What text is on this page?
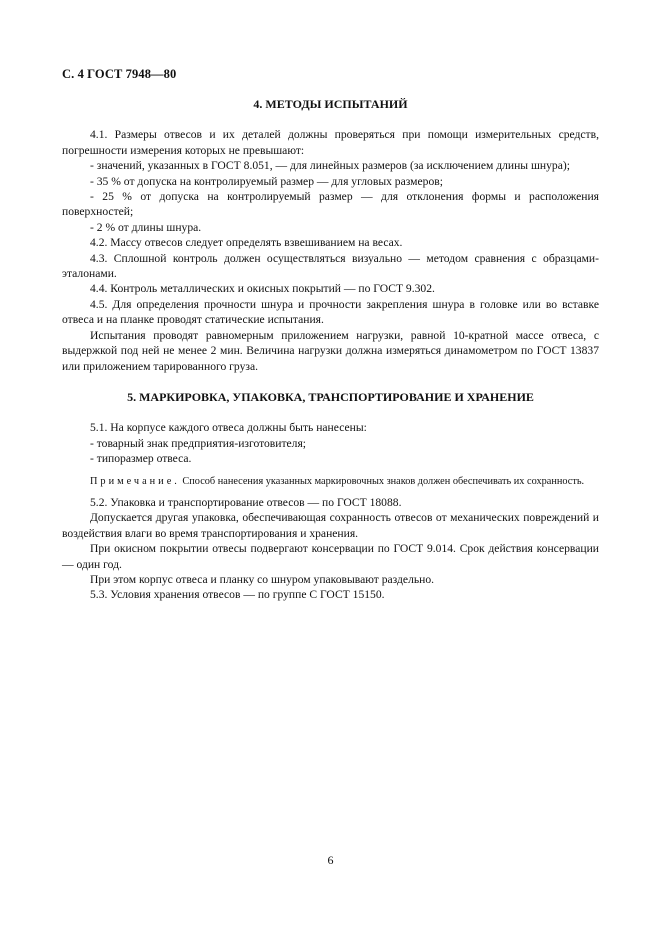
С. 4 ГОСТ 7948—80
4. МЕТОДЫ ИСПЫТАНИЙ

4.1. Размеры отвесов и их деталей должны проверяться при помощи измерительных средств, погрешности измерения которых не превышают:

- значений, указанных в ГОСТ 8.051, — для линейных размеров (за исключением длины шнура);

- 35 % от допуска на контролируемый размер — для угловых размеров;

- 25 % от допуска на контролируемый размер — для отклонения формы и расположения поверхностей;

- 2 % от длины шнура.

4.2. Массу отвесов следует определять взвешиванием на весах.

4.3. Сплошной контроль должен осуществляться визуально — методом сравнения с образцами-эталонами.

4.4. Контроль металлических и окисных покрытий — по ГОСТ 9.302.

4.5. Для определения прочности шнура и прочности закрепления шнура в головке или во вставке отвеса и на планке проводят статические испытания.

Испытания проводят равномерным приложением нагрузки, равной 10-кратной массе отвеса, с выдержкой под ней не менее 2 мин. Величина нагрузки должна измеряться динамометром по ГОСТ 13837 или приложением тарированного груза.

5. МАРКИРОВКА, УПАКОВКА, ТРАНСПОРТИРОВАНИЕ И ХРАНЕНИЕ

5.1. На корпусе каждого отвеса должны быть нанесены:

- товарный знак предприятия-изготовителя;

- типоразмер отвеса.

Примечание. Способ нанесения указанных маркировочных знаков должен обеспечивать их сохранность.

5.2. Упаковка и транспортирование отвесов — по ГОСТ 18088.

Допускается другая упаковка, обеспечивающая сохранность отвесов от механических повреждений и воздействия влаги во время транспортирования и хранения.

При окисном покрытии отвесы подвергают консервации по ГОСТ 9.014. Срок действия консервации — один год.

При этом корпус отвеса и планку со шнуром упаковывают раздельно.

5.3. Условия хранения отвесов — по группе С ГОСТ 15150.

6
